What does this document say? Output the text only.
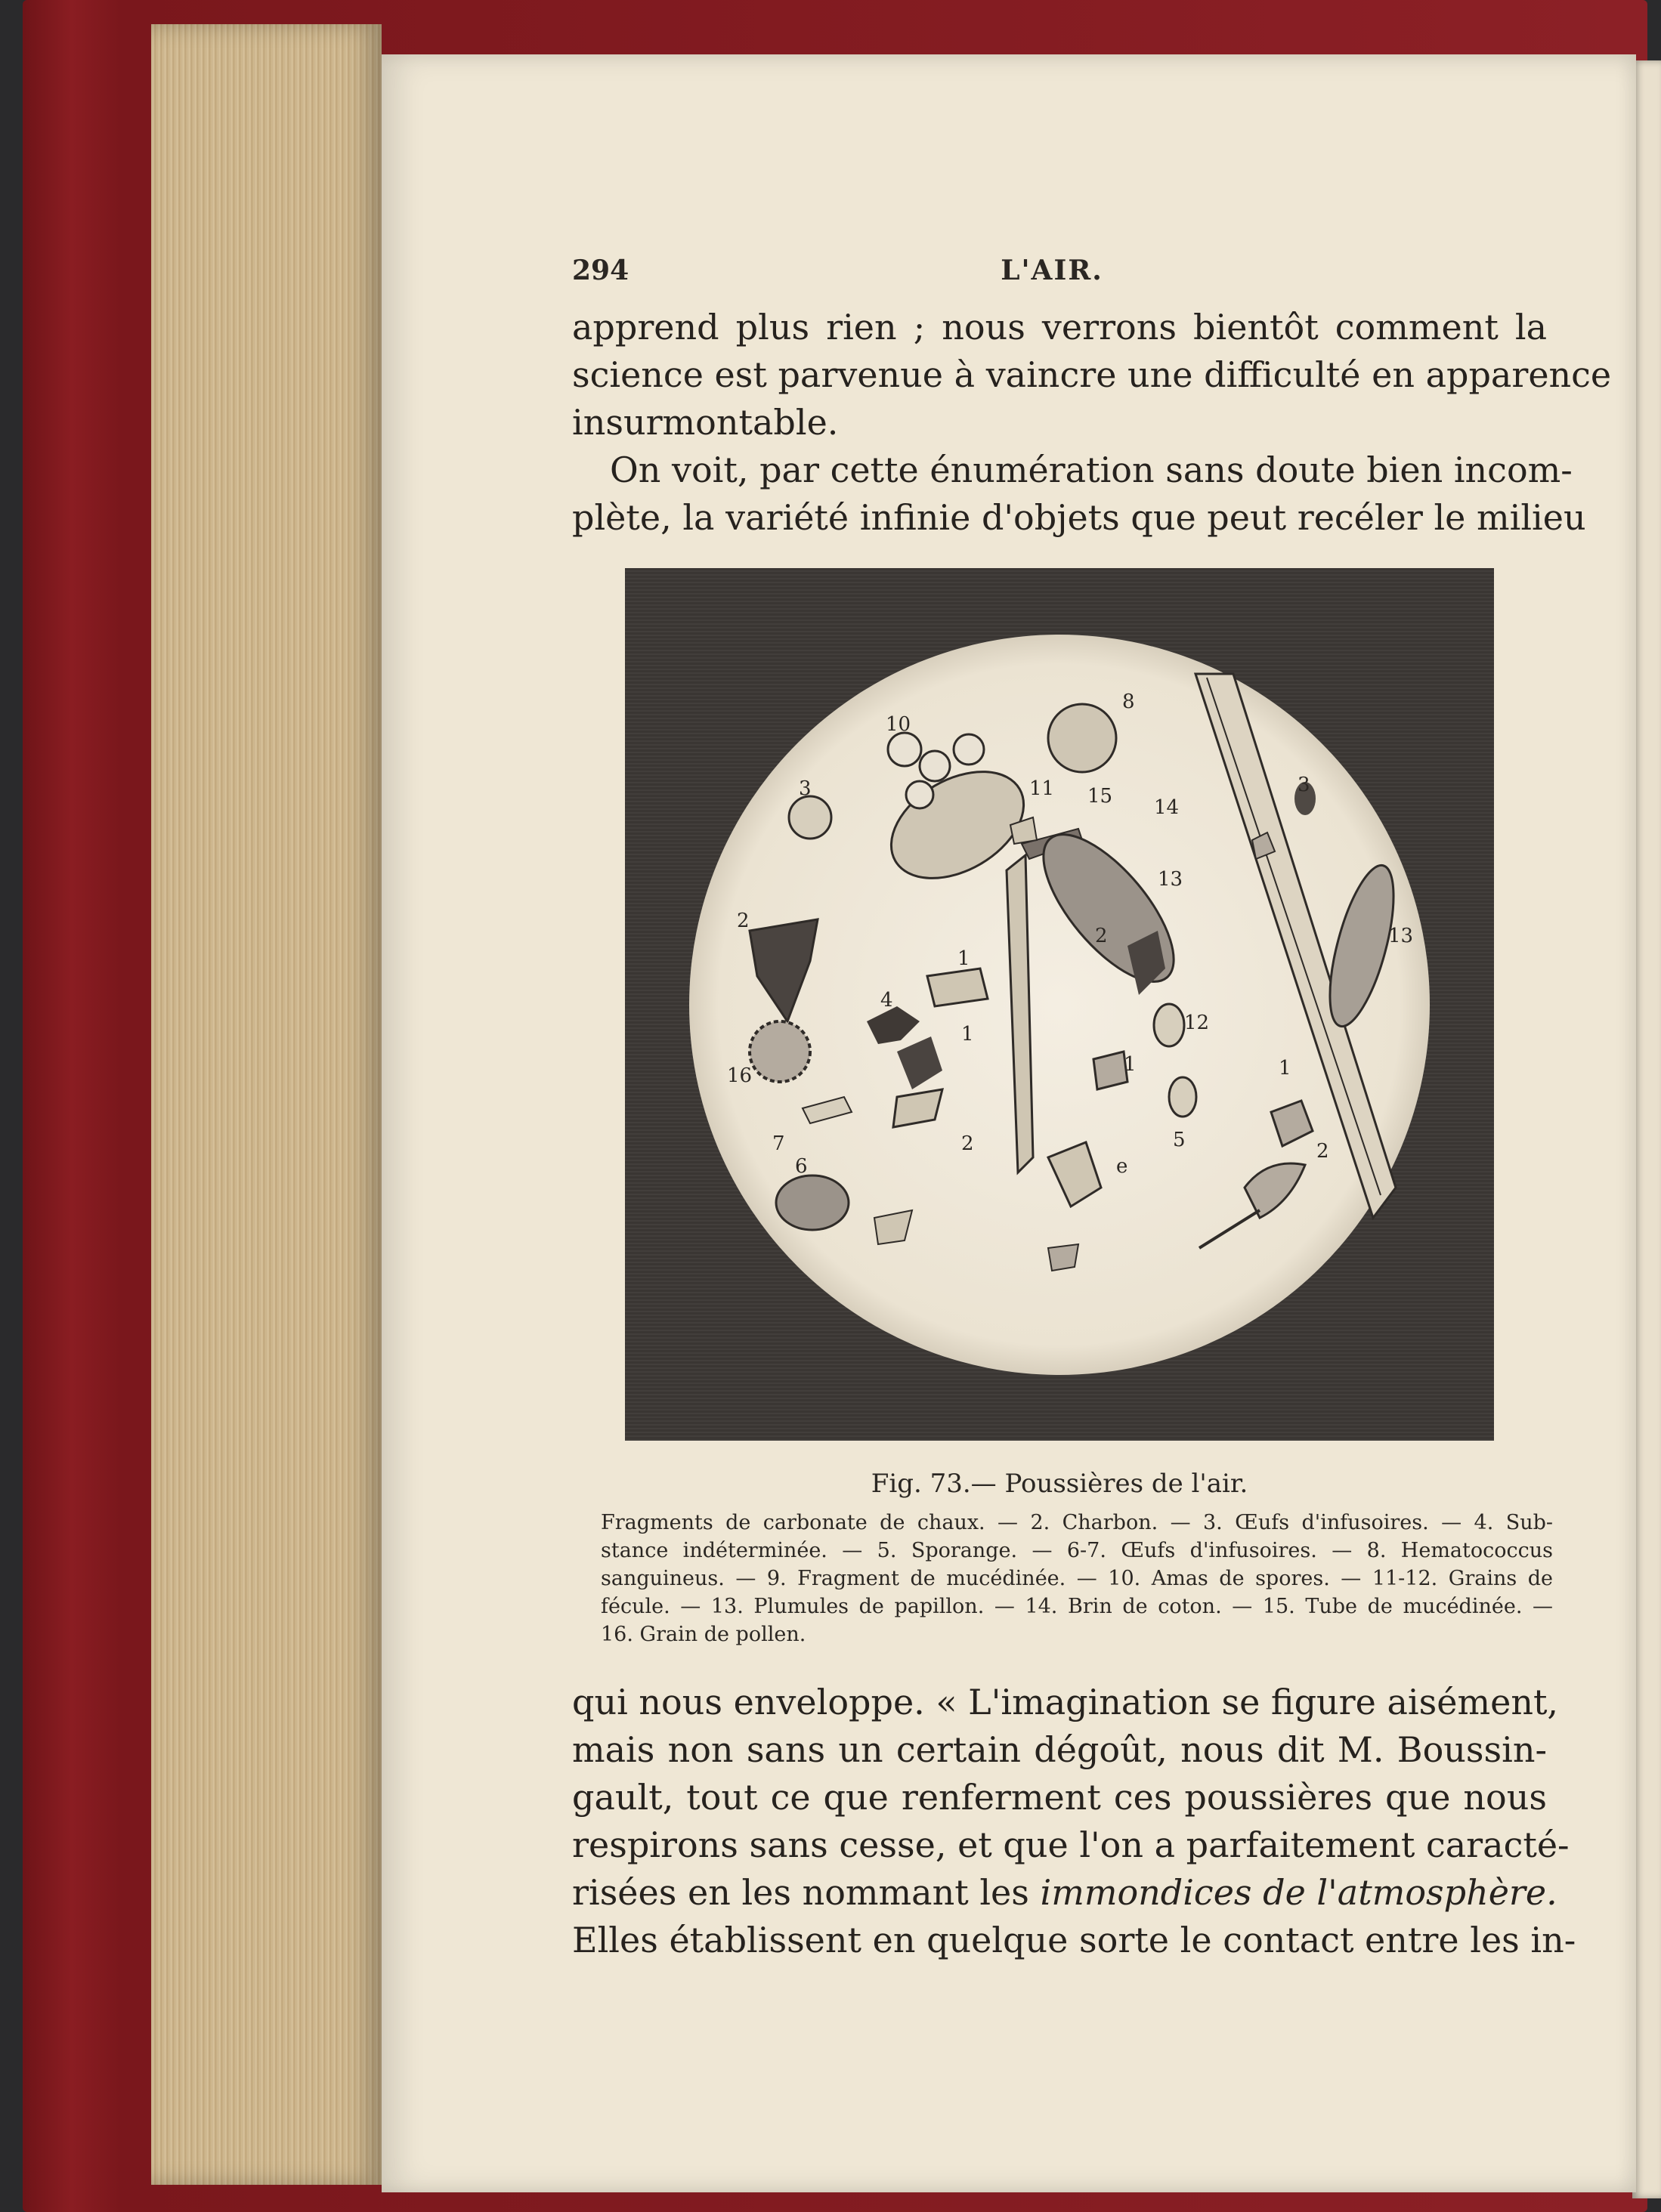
294	L'AIR.
apprend plus rien ; nous verrons bientôt comment la
science est parvenue à vaincre une difficulté en apparence
insurmontable.
On voit, par cette énumération sans doute bien incom-
plète, la variété infinie d'objets que peut recéler le milieu
10
8
3	11 15 14
3
13
2
13
2
1
4
12
1
16	1	1
7	2
6	e
5	2
Fig. 73.— Poussières de l'air.
Fragments de carbonate de chaux. — 2. Charbon. — 3. Œufs d'infusoires. — 4. Sub-
stance indéterminée. — 5. Sporange. — 6-7. Œufs d'infusoires. — 8. Hematococcus
sanguineus. — 9. Fragment de mucédinée. — 10. Amas de spores. — 11-12. Grains de
fécule. — 13. Plumules de papillon. — 14. Brin de coton. — 15. Tube de mucédinée. —
16. Grain de pollen.
qui nous enveloppe. « L'imagination se figure aisément,
mais non sans un certain dégoût, nous dit M. Boussin-
gault, tout ce que renferment ces poussières que nous
respirons sans cesse, et que l'on a parfaitement caracté-
risées en les nommant les immondices de l'atmosphère.
Elles établissent en quelque sorte le contact entre les in-
